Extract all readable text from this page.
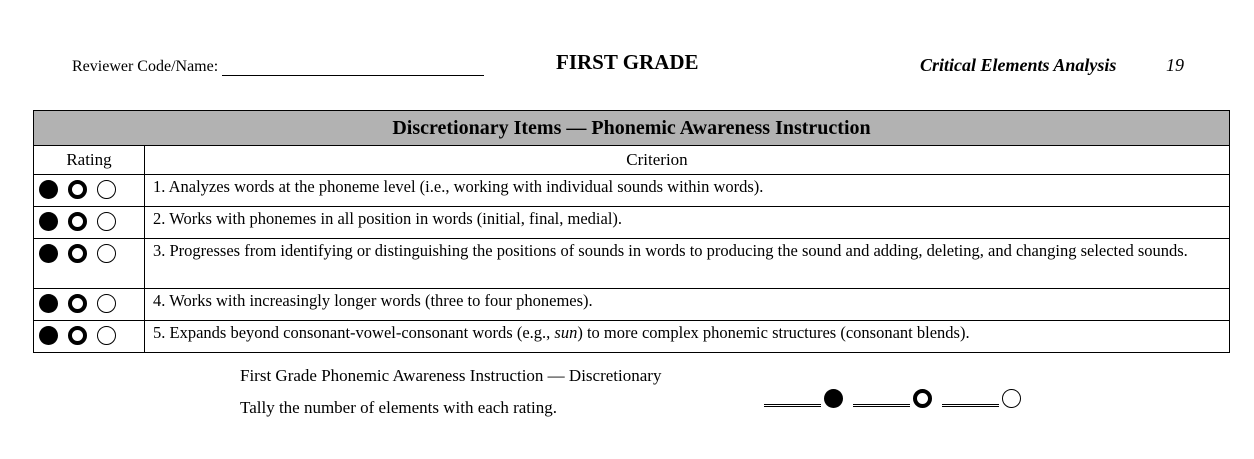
Reviewer Code/Name:	FIRST GRADE	Critical Elements Analysis	19
Discretionary Items — Phonemic Awareness Instruction	
Rating	Criterion

	1. Analyzes words at the phoneme level (i.e., working with individual sounds within words).

	2. Works with phonemes in all position in words (initial, final, medial).

	3. Progresses from identifying or distinguishing the positions of sounds in words to producing the sound and adding, deleting, and changing selected sounds.

	4. Works with increasingly longer words (three to four phonemes).

	5. Expands beyond consonant-vowel-consonant words (e.g., sun) to more complex phonemic structures (consonant blends).
First Grade Phonemic Awareness Instruction — Discretionary
Tally the number of elements with each rating.
